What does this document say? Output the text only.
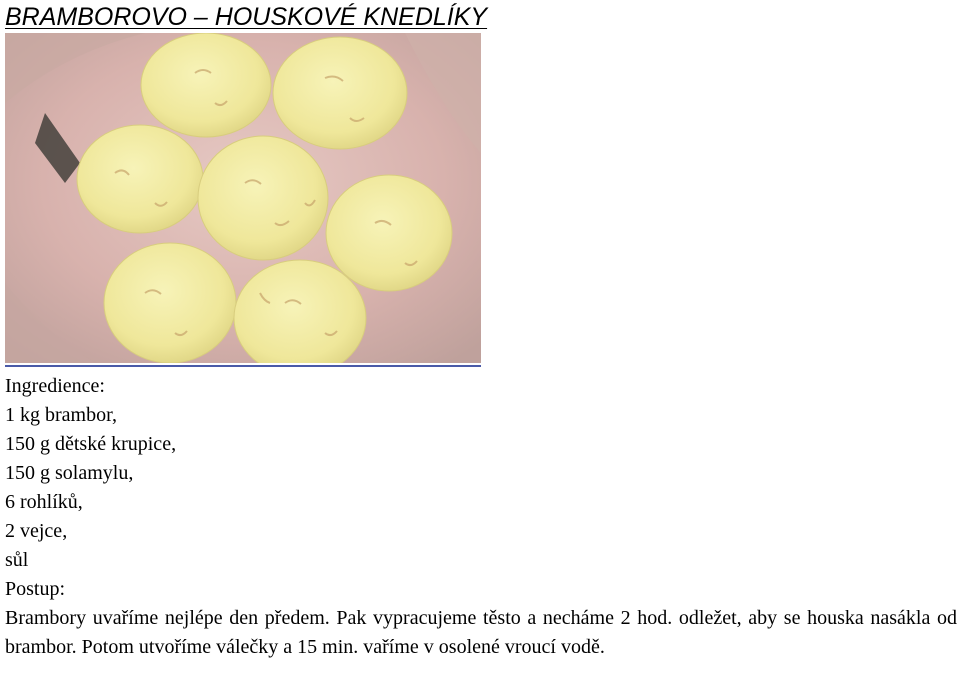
BRAMBOROVO – HOUSKOVÉ KNEDLÍKY
Ingredience:
1 kg brambor,
150 g dětské krupice,
150 g solamylu,
6 rohlíků,
2 vejce,
sůl
Postup:
Brambory uvaříme nejlépe den předem. Pak vypracujeme těsto a necháme 2 hod. odležet, aby se houska nasákla od brambor. Potom utvoříme válečky a 15 min. vaříme v osolené vroucí vodě.
